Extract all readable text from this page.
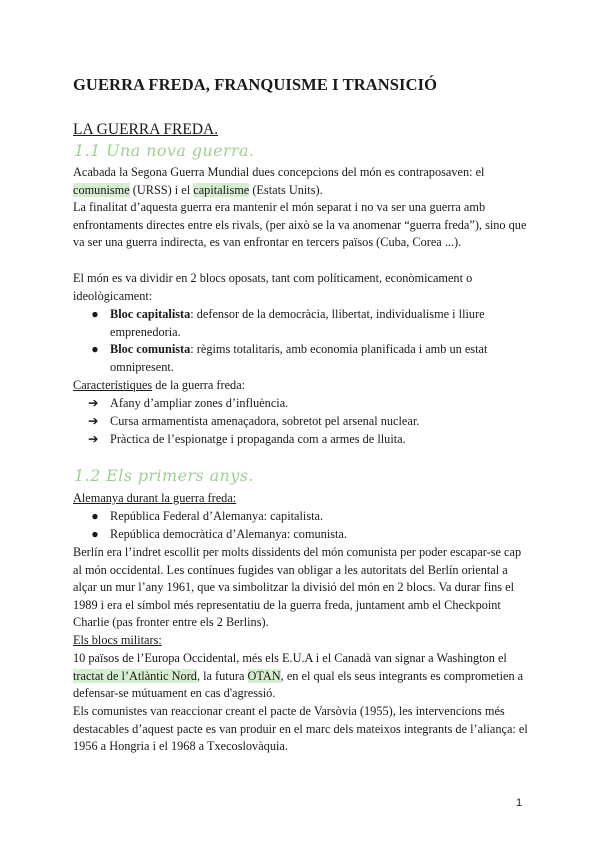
GUERRA FREDA, FRANQUISME I TRANSICIÓ
LA GUERRA FREDA.
1.1 Una nova guerra.

Acabada la Segona Guerra Mundial dues concepcions del món es contraposaven: el comunisme (URSS) i el capitalisme (Estats Units).

La finalitat d’aquesta guerra era mantenir el món separat i no va ser una guerra amb enfrontaments directes entre els rivals, (per això se la va anomenar “guerra freda”), sino que va ser una guerra indirecta, es van enfrontar en tercers països (Cuba, Corea ...).

El món es va dividir en 2 blocs oposats, tant com políticament, econòmicament o ideològicament:

● Bloc capitalista: defensor de la democràcia, llibertat, individualisme i lliure emprenedoria.

● Bloc comunista: règims totalitaris, amb economia planificada i amb un estat omnipresent.

Característiques de la guerra freda:

➔ Afany d’ampliar zones d’influència.

➔ Cursa armamentista amenaçadora, sobretot pel arsenal nuclear.

➔ Pràctica de l’espionatge i propaganda com a armes de lluita.

1.2 Els primers anys.

Alemanya durant la guerra freda:

● República Federal d’Alemanya: capitalista.

● República democràtica d’Alemanya: comunista.

Berlín era l’indret escollit per molts dissidents del món comunista per poder escapar-se cap al món occidental. Les contínues fugides van obligar a les autoritats del Berlín oriental a alçar un mur l’any 1961, que va simbolitzar la divisió del món en 2 blocs. Va durar fins el 1989 i era el símbol més representatiu de la guerra freda, juntament amb el Checkpoint Charlie (pas fronter entre els 2 Berlins).

Els blocs militars:

10 països de l’Europa Occidental, més els E.U.A i el Canadà van signar a Washington el tractat de l’Atlàntic Nord, la futura OTAN, en el qual els seus integrants es comprometien a defensar-se mútuament en cas d'agressió.

Els comunistes van reaccionar creant el pacte de Varsòvia (1955), les intervencions més destacables d’aquest pacte es van produir en el marc dels mateixos integrants de l’aliança: el 1956 a Hongria i el 1968 a Txecoslovàquia.

1
